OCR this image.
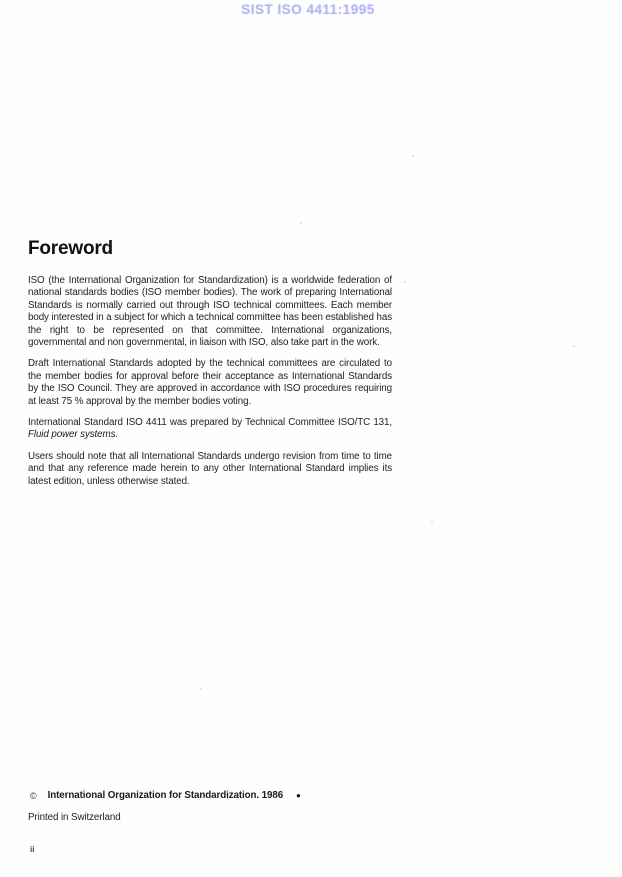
SIST ISO 4411:1995
Foreword

ISO (the International Organization for Standardization) is a worldwide federation of national standards bodies (ISO member bodies). The work of preparing International Standards is normally carried out through ISO technical committees. Each member body interested in a subject for which a technical committee has been established has the right to be represented on that committee. International organizations, governmental and non governmental, in liaison with ISO, also take part in the work.

Draft International Standards adopted by the technical committees are circulated to the member bodies for approval before their acceptance as International Standards by the ISO Council. They are approved in accordance with ISO procedures requiring at least 75 % approval by the member bodies voting.

International Standard ISO 4411 was prepared by Technical Committee ISO/TC 131, Fluid power systems.

Users should note that all International Standards undergo revision from time to time and that any reference made herein to any other International Standard implies its latest edition, unless otherwise stated.

© International Organization for Standardization. 1986 ●
Printed in Switzerland
ii
